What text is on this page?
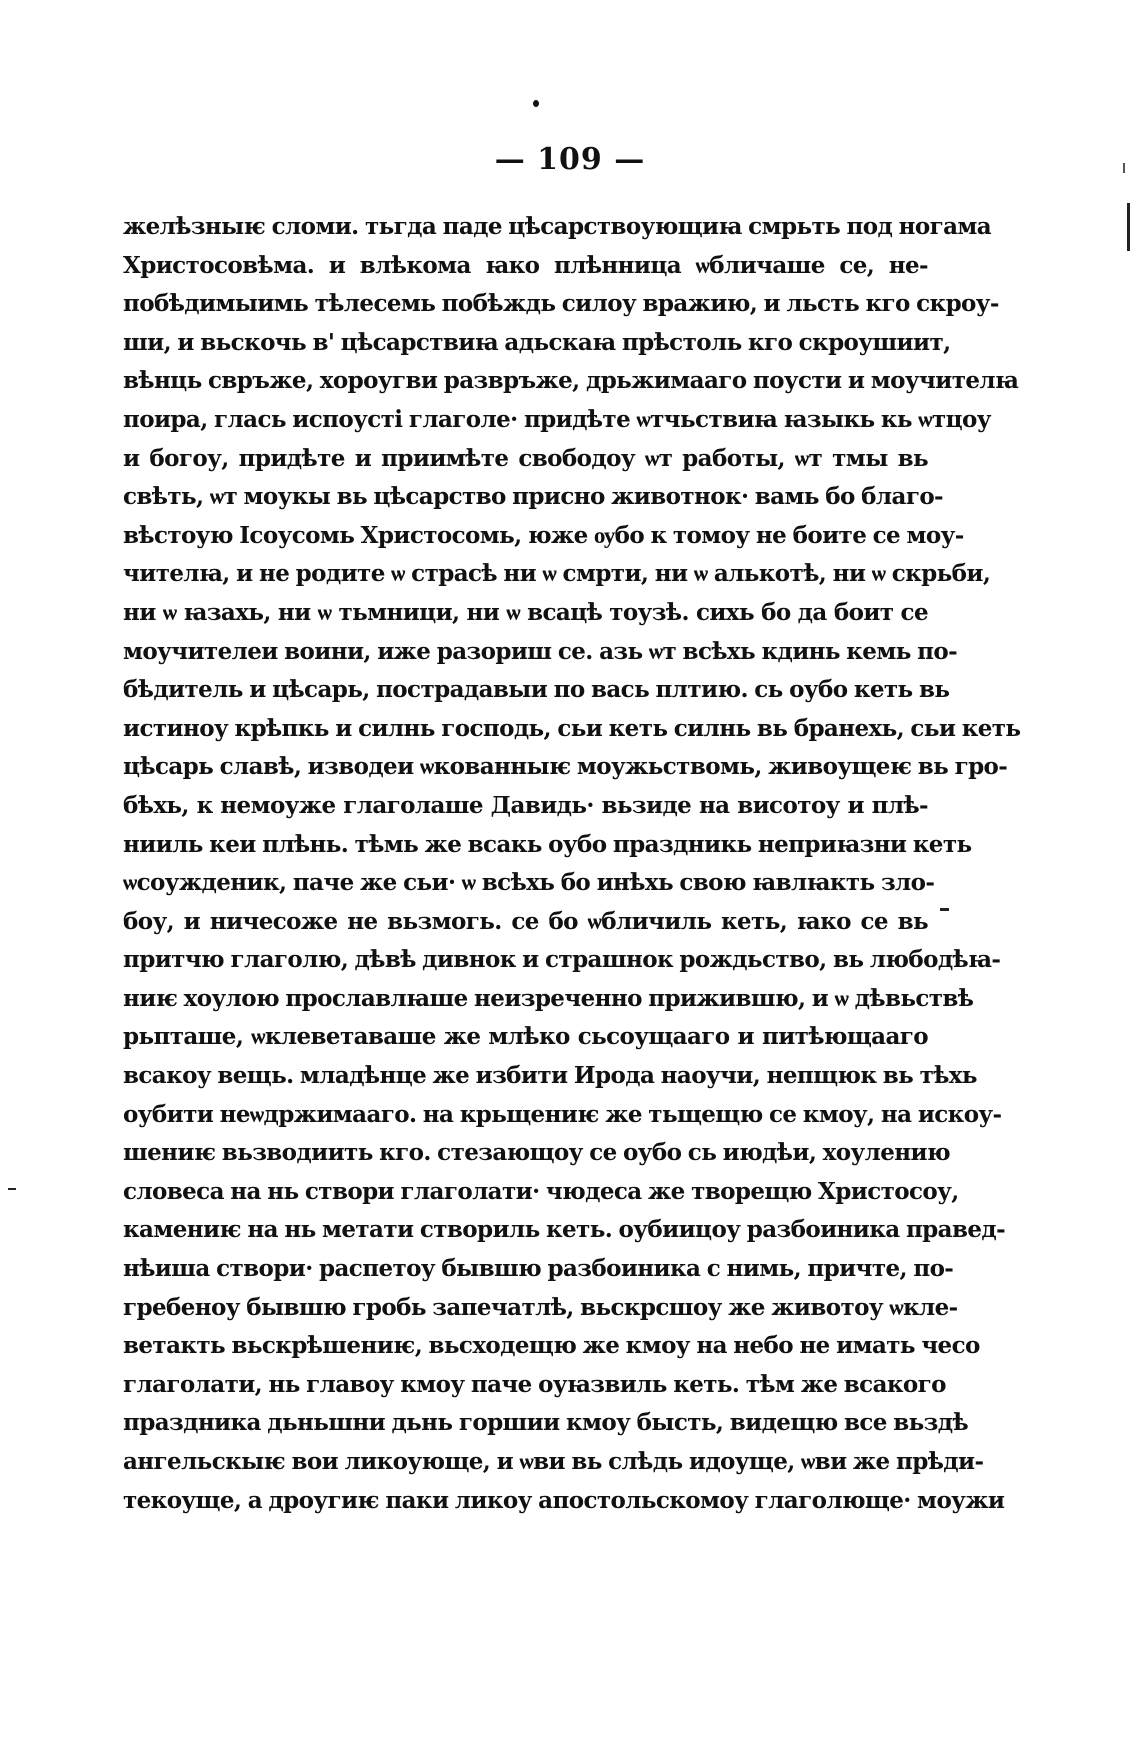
— 109 —
желѣзныѥ сломи. тьгда паде цѣсарствоующиꙗ смрьть под ногама
Христосовѣма. и влѣкома ꙗко плѣнница ѡбличаше се, не-
побѣдимыимь тѣлесемь побѣждь силоу вражию, и льсть кго скроу-
ши, и вьскочь в' цѣсарствиꙗ адьскаꙗ прѣстоль кго скроушиит,
вѣнць свръже, хороугви развръже, дрьжимааго поусти и моучителꙗ
поира, глась испоусті глаголе· придѣте ѡтчьствиꙗ ꙗзыкь кь ѡтцоу
и богоу, придѣте и приимѣте свободоу ѡт работы, ѡт тмы вь
свѣть, ѡт моукы вь цѣсарство присно животнок· вамь бо благо-
вѣстоую Ісоусомь Христосомь, юже ѹбо к томоу не боите се моу-
чителꙗ, и не родите ѡ страсѣ ни ѡ смрти, ни ѡ алькотѣ, ни ѡ скрьби,
ни ѡ ꙗзахь, ни ѡ тьмници, ни ѡ всацѣ тоузѣ. сихь бо да боит се
моучителеи воини, иже разориш се. азь ѡт всѣхь кдинь кемь по-
бѣдитель и цѣсарь, пострадавыи по вась плтию. сь оубо кеть вь
истиноу крѣпкь и силнь господь, сьи кеть силнь вь бранехь, сьи кеть
цѣсарь славѣ, изводеи ѡкованныѥ моужьствомь, живоущеѥ вь гро-
бѣхь, к немоуже глаголаше Давидь· вьзиде на висотоу и плѣ-
нииль кеи плѣнь. тѣмь же всакь оубо праздникь неприꙗзни кеть
ѡсоужденик, паче же сьи· ѡ всѣхь бо инѣхь свою ꙗвлꙗкть зло-
боу, и ничесоже не вьзмогь. се бо ѡбличиль кеть, ꙗко се вь
притчю глаголю, дѣвѣ дивнок и страшнок рождьство, вь любодѣꙗ-
ниѥ хоулою прославлꙗше неизреченно прижившю, и ѡ дѣвьствѣ
рьпташе, ѡклеветаваше же млѣко сьсоущааго и питѣющааго
всакоу вещь. младѣнце же избити Ирода наоучи, непщюк вь тѣхь
оубити неѡдржимааго. на крьщениѥ же тьщещю се кмоу, на искоу-
шениѥ вьзводиить кго. стезающоу се оубо сь июдѣи, хоулению
словеса на нь створи глаголати· чюдеса же творещю Христосоу,
камениѥ на нь метати створиль кеть. оубиицоу разбоиника правед-
нѣиша створи· распетоу бывшю разбоиника с нимь, причте, по-
гребеноу бывшю гробь запечатлѣ, вьскрсшоу же животоу ѡкле-
ветакть вьскрѣшениѥ, вьсходещю же кмоу на небо не имать чесо
глаголати, нь главоу кмоу паче оуꙗзвиль кеть. тѣм же всакого
праздника дьньшни дьнь горшии кмоу бысть, видещю все вьздѣ
ангельскыѥ вои ликоующе, и ѡви вь слѣдь идоуще, ѡви же прѣди-
текоуще, а дроугиѥ паки ликоу апостольскомоу глаголюще· моужи
